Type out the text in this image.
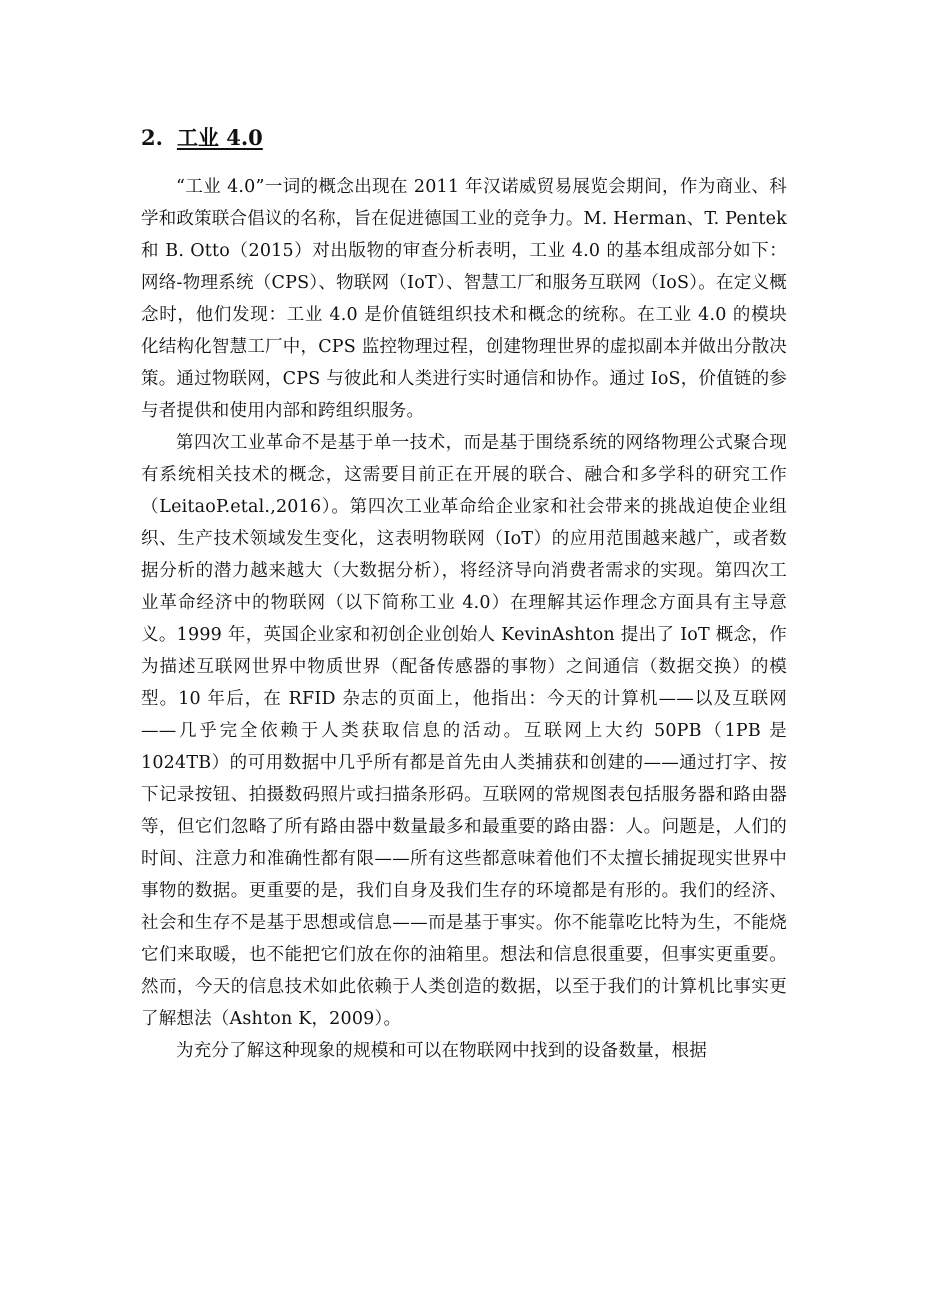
2. 工业 4.0

“工业 4.0”一词的概念出现在 2011 年汉诺威贸易展览会期间，作为商业、科学和政策联合倡议的名称，旨在促进德国工业的竞争力。M. Herman、T. Pentek 和 B. Otto（2015）对出版物的审查分析表明，工业 4.0 的基本组成部分如下：网络-物理系统（CPS）、物联网（IoT）、智慧工厂和服务互联网（IoS）。在定义概念时，他们发现：工业 4.0 是价值链组织技术和概念的统称。在工业 4.0 的模块化结构化智慧工厂中，CPS 监控物理过程，创建物理世界的虚拟副本并做出分散决策。通过物联网，CPS 与彼此和人类进行实时通信和协作。通过 IoS，价值链的参与者提供和使用内部和跨组织服务。

第四次工业革命不是基于单一技术，而是基于围绕系统的网络物理公式聚合现有系统相关技术的概念，这需要目前正在开展的联合、融合和多学科的研究工作（LeitaoP.etal.,2016）。第四次工业革命给企业家和社会带来的挑战迫使企业组织、生产技术领域发生变化，这表明物联网（IoT）的应用范围越来越广，或者数据分析的潜力越来越大（大数据分析），将经济导向消费者需求的实现。第四次工业革命经济中的物联网（以下简称工业 4.0）在理解其运作理念方面具有主导意义。1999 年，英国企业家和初创企业创始人 KevinAshton 提出了 IoT 概念，作为描述互联网世界中物质世界（配备传感器的事物）之间通信（数据交换）的模型。10 年后，在 RFID 杂志的页面上，他指出：今天的计算机——以及互联网——几乎完全依赖于人类获取信息的活动。互联网上大约 50PB（1PB 是 1024TB）的可用数据中几乎所有都是首先由人类捕获和创建的——通过打字、按下记录按钮、拍摄数码照片或扫描条形码。互联网的常规图表包括服务器和路由器等，但它们忽略了所有路由器中数量最多和最重要的路由器：人。问题是，人们的时间、注意力和准确性都有限——所有这些都意味着他们不太擅长捕捉现实世界中事物的数据。更重要的是，我们自身及我们生存的环境都是有形的。我们的经济、社会和生存不是基于思想或信息——而是基于事实。你不能靠吃比特为生，不能烧它们来取暖，也不能把它们放在你的油箱里。想法和信息很重要，但事实更重要。然而，今天的信息技术如此依赖于人类创造的数据，以至于我们的计算机比事实更了解想法（Ashton K，2009）。

为充分了解这种现象的规模和可以在物联网中找到的设备数量，根据
